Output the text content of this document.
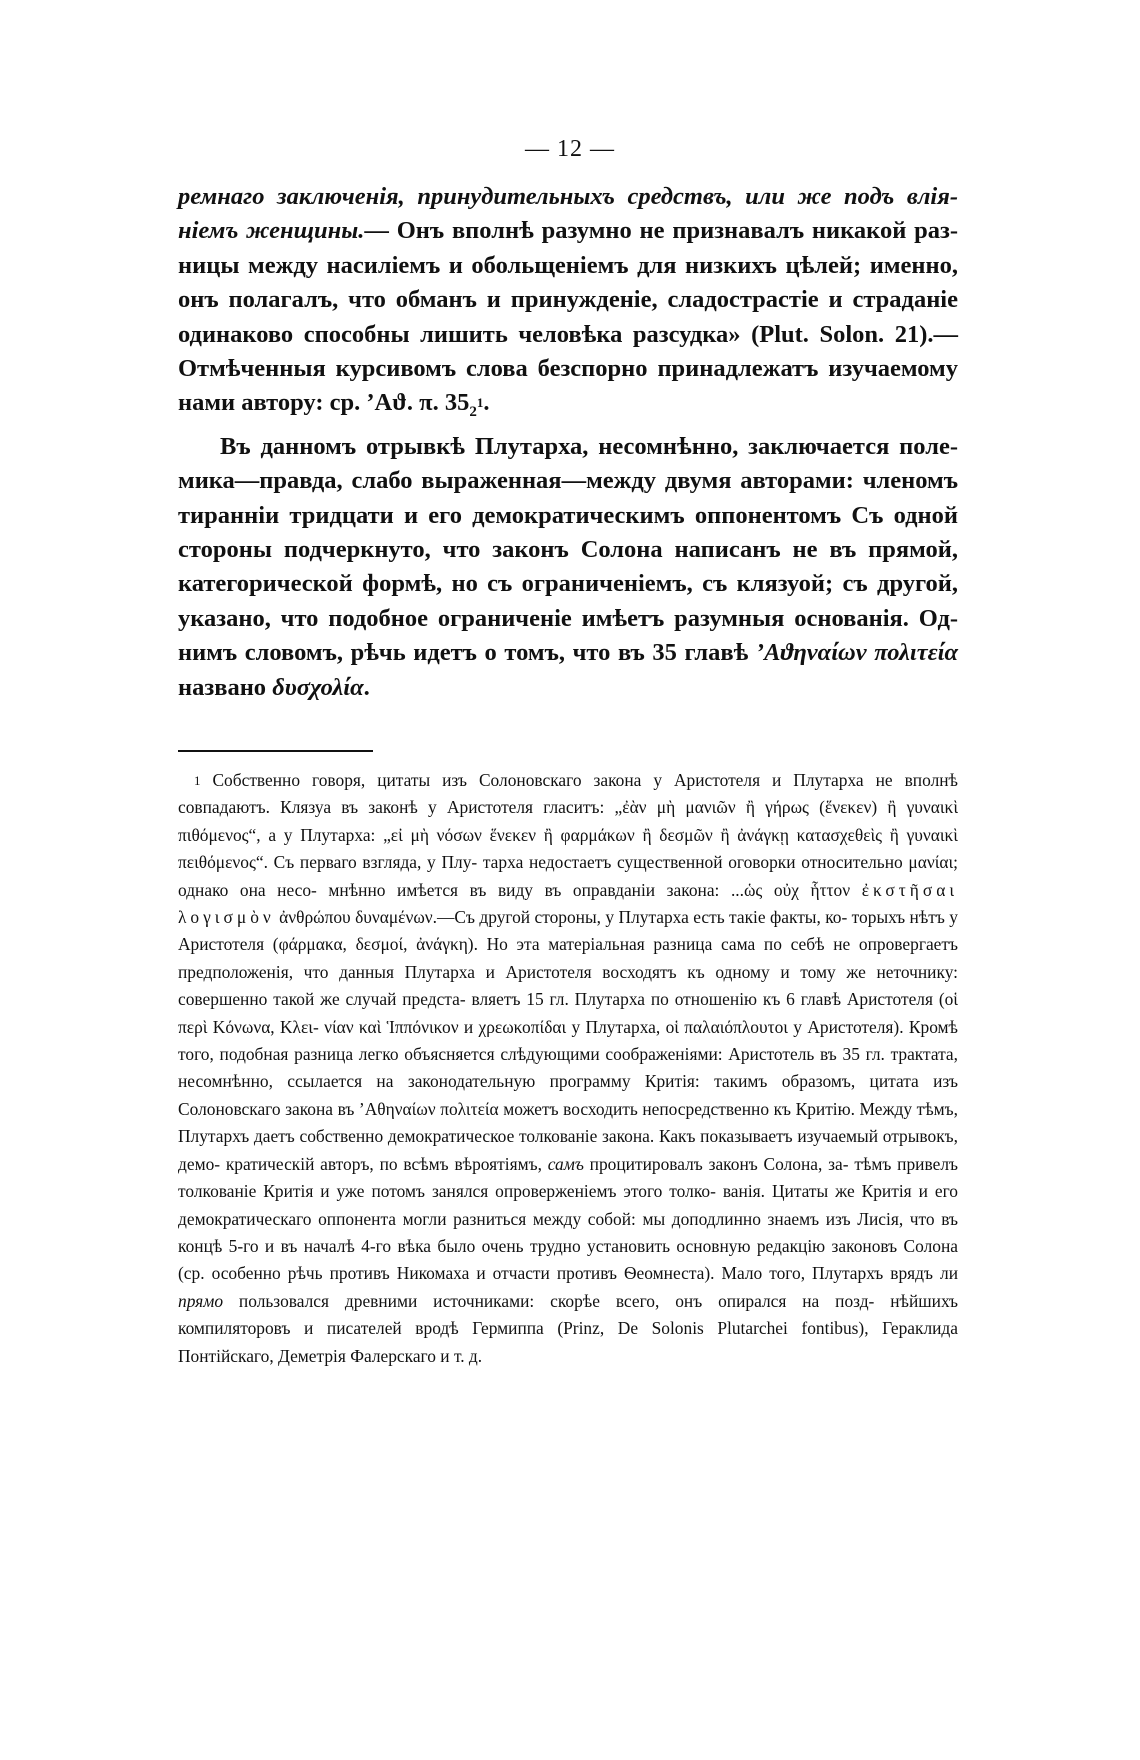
— 12 —

ремнаго заключенія, принудительныхъ средствъ, или же подъ влія- ніемъ женщины.— Онъ вполнѣ разумно не признавалъ никакой раз- ницы между насиліемъ и обольщеніемъ для низкихъ цѣлей; именно, онъ полагалъ, что обманъ и принужденіе, сладострастіе и страданіе одинаково способны лишить человѣка разсудка» (Plut. Solon. 21).— Отмѣченныя курсивомъ слова безспорно принадлежатъ изучаемому нами автору: ср. ’Αϑ. π. $35_2^1$.

Въ данномъ отрывкѣ Плутарха, несомнѣнно, заключается поле- мика—правда, слабо выраженная—между двумя авторами: членомъ тиранніи тридцати и его демократическимъ оппонентомъ Съ одной стороны подчеркнуто, что законъ Солона написанъ не въ прямой, категорической формѣ, но съ ограниченіемъ, съ клязуой; съ другой, указано, что подобное ограниченіе имѣетъ разумныя основанія. Од- нимъ словомъ, рѣчь идетъ о томъ, что въ 35 главѣ ’Αϑηναίων πολιτεία названо δυσχολία.

$^1$ Собственно говоря, цитаты изъ Солоновскаго закона у Аристотеля и Плутарха не вполнѣ совпадаютъ. Клязуа въ законѣ у Аристотеля гласитъ: „ἐὰν μὴ μανιῶν ἢ γήρως (ἕνεκεν) ἢ γυναικὶ πιθόμενος“, а у Плутарха: „εἰ μὴ νόσων ἕνεκεν ἢ φαρμάκων ἢ δεσμῶν ἢ ἀνάγκῃ κατασχεθεὶς ἢ γυναικὶ πειθόμενος“. Съ перваго взгляда, у Плу- тарха недостаетъ существенной оговорки относительно μανίαι; однако она несо- мнѣнно имѣется въ виду въ оправданіи закона: ...ὡς οὐχ ἧττον ἐκστῆσαι λογισμὸν ἀνθρώπου δυναμένων.—Съ другой стороны, у Плутарха есть такіе факты, ко- торыхъ нѣтъ у Аристотеля (φάρμακα, δεσμοί, ἀνάγκη). Но эта матеріальная разница сама по себѣ не опровергаетъ предположенія, что данныя Плутарха и Аристотеля восходятъ къ одному и тому же неточнику: совершенно такой же случай предста- вляетъ 15 гл. Плутарха по отношенію къ 6 главѣ Аристотеля (οἱ περὶ Κόνωνα, Κλει- νίαν καὶ Ἱππόνικον и χρεωκοπίδαι у Плутарха, οἱ παλαιόπλουτοι у Аристотеля). Кромѣ того, подобная разница легко объясняется слѣдующими соображеніями: Аристотель въ 35 гл. трактата, несомнѣнно, ссылается на законодательную программу Критія: такимъ образомъ, цитата изъ Солоновскаго закона въ ’Αθηναίων πολιτεία можетъ восходить непосредственно къ Критію. Между тѣмъ, Плутархъ даетъ собственно демократическое толкованіе закона. Какъ показываетъ изучаемый отрывокъ, демо- кратическій авторъ, по всѣмъ вѣроятіямъ, самъ процитировалъ законъ Солона, за- тѣмъ привелъ толкованіе Критія и уже потомъ занялся опроверженіемъ этого толко- ванія. Цитаты же Критія и его демократическаго оппонента могли разниться между собой: мы доподлинно знаемъ изъ Лисія, что въ концѣ 5-го и въ началѣ 4-го вѣка было очень трудно установить основную редакцію законовъ Солона (ср. особенно рѣчь противъ Никомаха и отчасти противъ Ѳеомнеста). Мало того, Плутархъ врядъ ли прямо пользовался древними источниками: скорѣе всего, онъ опирался на позд- нѣйшихъ компиляторовъ и писателей вродѣ Гермиппа (Prinz, De Solonis Plutarchei fontibus), Гераклида Понтійскаго, Деметрія Фалерскаго и т. д.
